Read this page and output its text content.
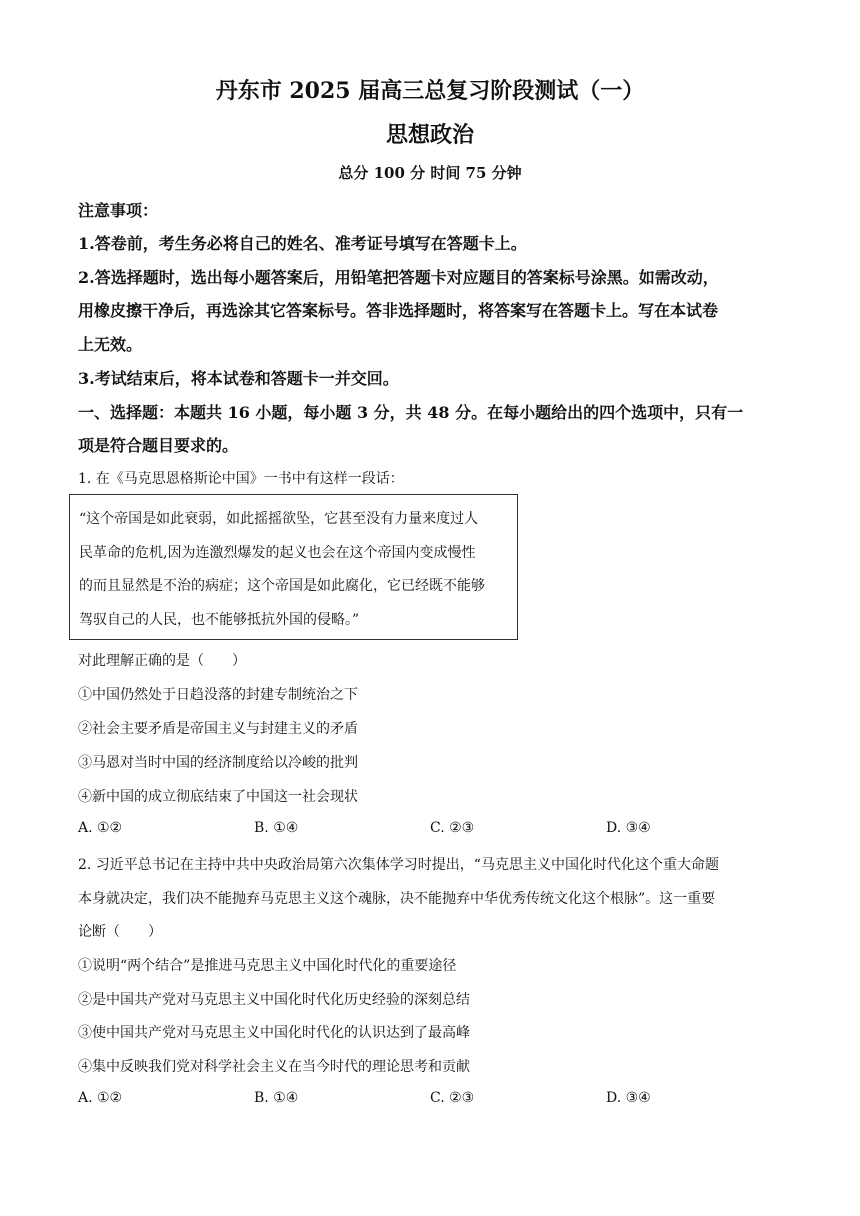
丹东市 2025 届高三总复习阶段测试（一）
思想政治
总分 100 分 时间 75 分钟
注意事项：
1.答卷前，考生务必将自己的姓名、准考证号填写在答题卡上。
2.答选择题时，选出每小题答案后，用铅笔把答题卡对应题目的答案标号涂黑。如需改动，
用橡皮擦干净后，再选涂其它答案标号。答非选择题时，将答案写在答题卡上。写在本试卷
上无效。
3.考试结束后，将本试卷和答题卡一并交回。
一、选择题：本题共 16 小题，每小题 3 分，共 48 分。在每小题给出的四个选项中，只有一
项是符合题目要求的。
1. 在《马克思恩格斯论中国》一书中有这样一段话：
“这个帝国是如此衰弱，如此摇摇欲坠，它甚至没有力量来度过人
民革命的危机,因为连激烈爆发的起义也会在这个帝国内变成慢性
的而且显然是不治的病症；这个帝国是如此腐化，它已经既不能够
驾驭自己的人民，也不能够抵抗外国的侵略。”
对此理解正确的是（　　）
①中国仍然处于日趋没落的封建专制统治之下
②社会主要矛盾是帝国主义与封建主义的矛盾
③马恩对当时中国的经济制度给以冷峻的批判
④新中国的成立彻底结束了中国这一社会现状
A. ①②	B. ①④	C. ②③	D. ③④
2. 习近平总书记在主持中共中央政治局第六次集体学习时提出，“马克思主义中国化时代化这个重大命题
本身就决定，我们决不能抛弃马克思主义这个魂脉，决不能抛弃中华优秀传统文化这个根脉”。这一重要
论断（　　）
①说明“两个结合”是推进马克思主义中国化时代化的重要途径
②是中国共产党对马克思主义中国化时代化历史经验的深刻总结
③使中国共产党对马克思主义中国化时代化的认识达到了最高峰
④集中反映我们党对科学社会主义在当今时代的理论思考和贡献
A. ①②	B. ①④	C. ②③	D. ③④
